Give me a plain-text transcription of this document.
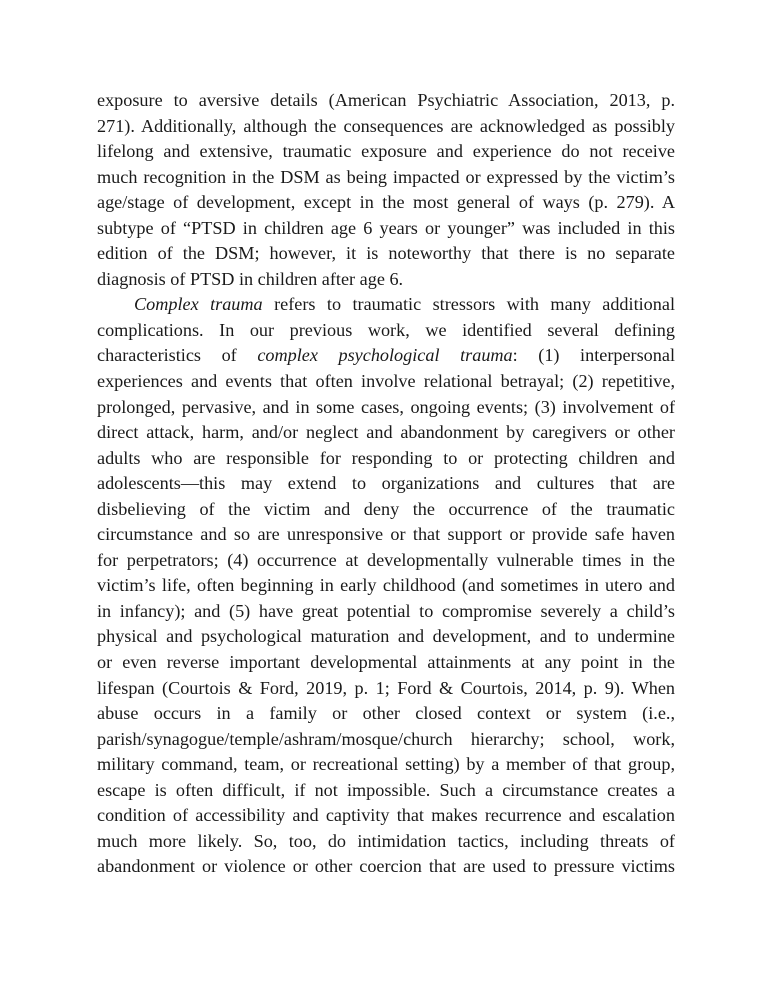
exposure to aversive details (American Psychiatric Association, 2013, p.
271). Additionally, although the consequences are acknowledged as possibly
lifelong and extensive, traumatic exposure and experience do not receive
much recognition in the DSM as being impacted or expressed by the victim’s
age/stage of development, except in the most general of ways (p. 279). A
subtype of “PTSD in children age 6 years or younger” was included in this
edition of the DSM; however, it is noteworthy that there is no separate
diagnosis of PTSD in children after age 6.
Complex trauma refers to traumatic stressors with many additional
complications. In our previous work, we identified several defining
characteristics of complex psychological trauma: (1) interpersonal
experiences and events that often involve relational betrayal; (2) repetitive,
prolonged, pervasive, and in some cases, ongoing events; (3) involvement of
direct attack, harm, and/or neglect and abandonment by caregivers or other
adults who are responsible for responding to or protecting children and
adolescents—this may extend to organizations and cultures that are
disbelieving of the victim and deny the occurrence of the traumatic
circumstance and so are unresponsive or that support or provide safe haven
for perpetrators; (4) occurrence at developmentally vulnerable times in the
victim’s life, often beginning in early childhood (and sometimes in utero and
in infancy); and (5) have great potential to compromise severely a child’s
physical and psychological maturation and development, and to undermine
or even reverse important developmental attainments at any point in the
lifespan (Courtois & Ford, 2019, p. 1; Ford & Courtois, 2014, p. 9). When
abuse occurs in a family or other closed context or system (i.e.,
parish/synagogue/temple/ashram/mosque/church hierarchy; school, work,
military command, team, or recreational setting) by a member of that group,
escape is often difficult, if not impossible. Such a circumstance creates a
condition of accessibility and captivity that makes recurrence and escalation
much more likely. So, too, do intimidation tactics, including threats of
abandonment or violence or other coercion that are used to pressure victims
